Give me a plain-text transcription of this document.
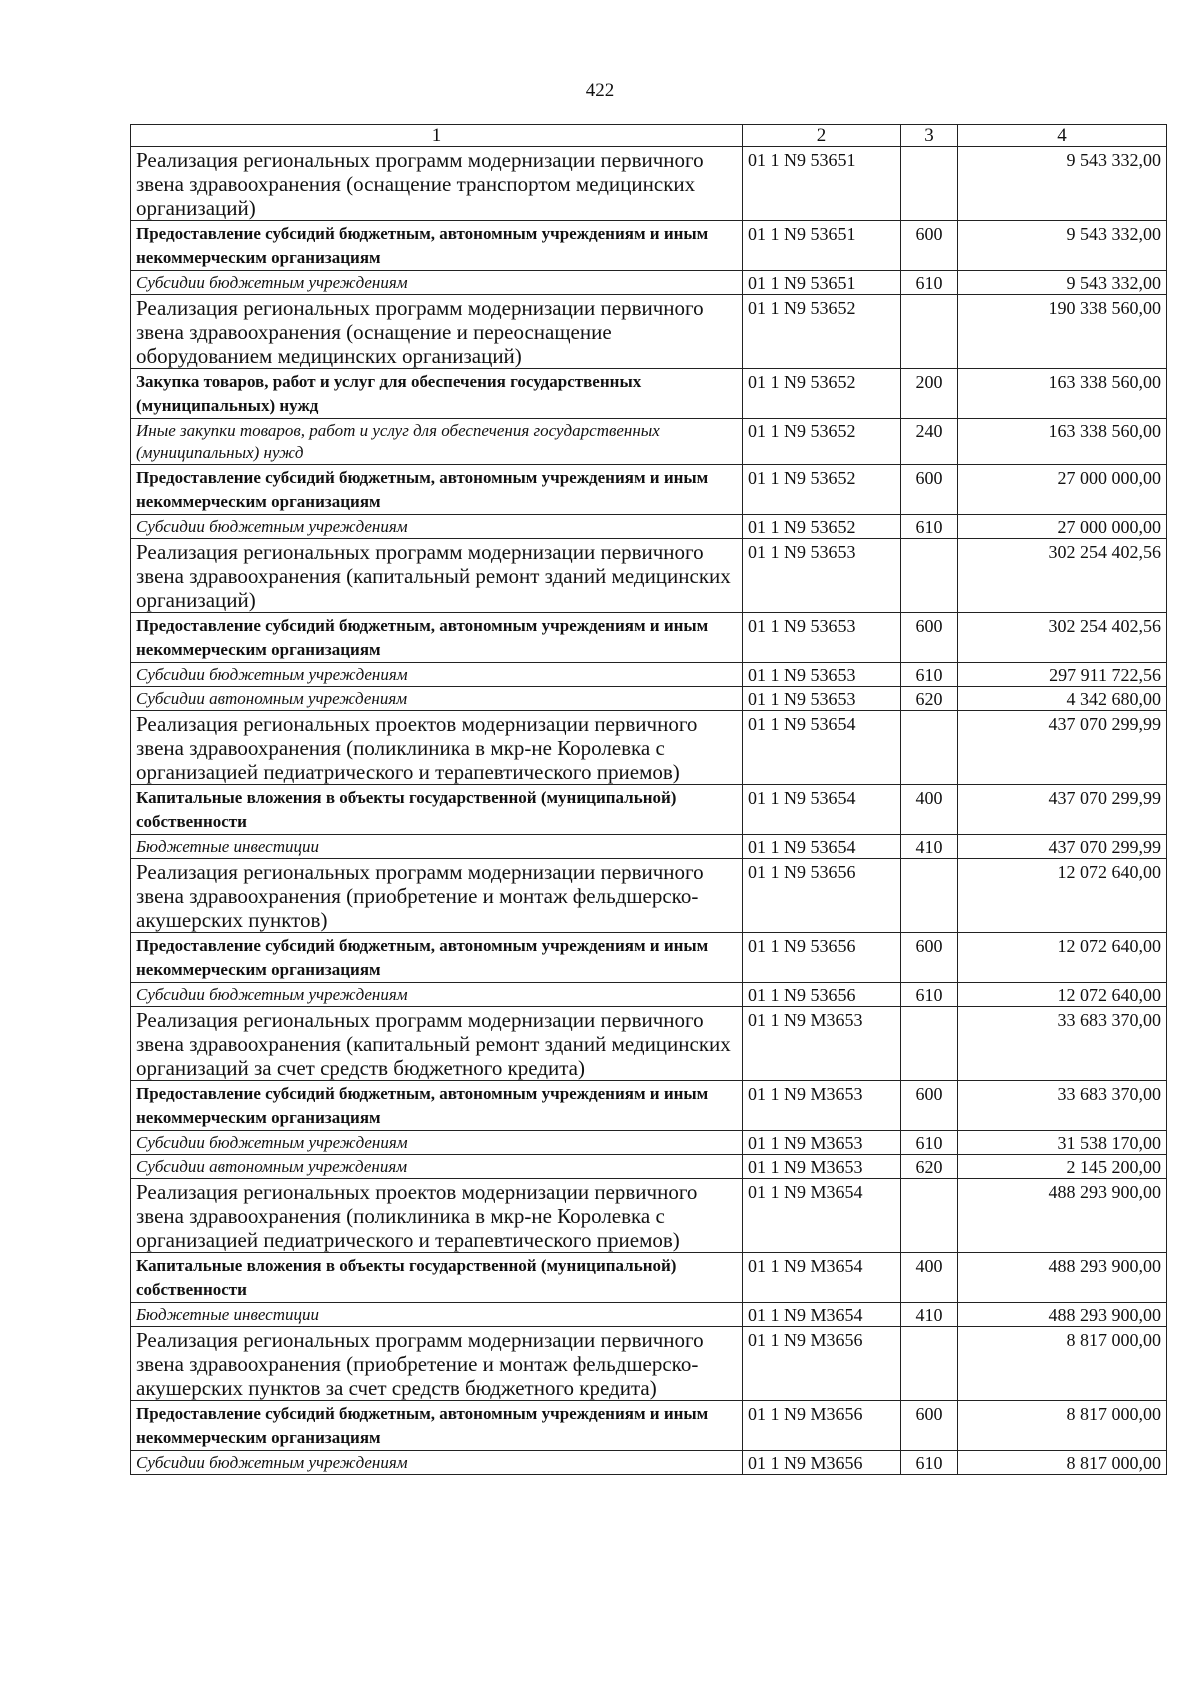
422
1	2	3	4
Реализация региональных программ модернизации первичного звена здравоохранения (оснащение транспортом медицинских организаций)	01 1 N9 53651		9 543 332,00
Предоставление субсидий бюджетным, автономным учреждениям и иным некоммерческим организациям	01 1 N9 53651	600	9 543 332,00
Субсидии бюджетным учреждениям	01 1 N9 53651	610	9 543 332,00
Реализация региональных программ модернизации первичного звена здравоохранения (оснащение и переоснащение оборудованием медицинских организаций)	01 1 N9 53652		190 338 560,00
Закупка товаров, работ и услуг для обеспечения государственных (муниципальных) нужд	01 1 N9 53652	200	163 338 560,00
Иные закупки товаров, работ и услуг для обеспечения государственных (муниципальных) нужд	01 1 N9 53652	240	163 338 560,00
Предоставление субсидий бюджетным, автономным учреждениям и иным некоммерческим организациям	01 1 N9 53652	600	27 000 000,00
Субсидии бюджетным учреждениям	01 1 N9 53652	610	27 000 000,00
Реализация региональных программ модернизации первичного звена здравоохранения (капитальный ремонт зданий медицинских организаций)	01 1 N9 53653		302 254 402,56
Предоставление субсидий бюджетным, автономным учреждениям и иным некоммерческим организациям	01 1 N9 53653	600	302 254 402,56
Субсидии бюджетным учреждениям	01 1 N9 53653	610	297 911 722,56
Субсидии автономным учреждениям	01 1 N9 53653	620	4 342 680,00
Реализация региональных проектов модернизации первичного звена здравоохранения (поликлиника в мкр-не Королевка с организацией педиатрического и терапевтического приемов)	01 1 N9 53654		437 070 299,99
Капитальные вложения в объекты государственной (муниципальной) собственности	01 1 N9 53654	400	437 070 299,99
Бюджетные инвестиции	01 1 N9 53654	410	437 070 299,99
Реализация региональных программ модернизации первичного звена здравоохранения (приобретение и монтаж фельдшерско-акушерских пунктов)	01 1 N9 53656		12 072 640,00
Предоставление субсидий бюджетным, автономным учреждениям и иным некоммерческим организациям	01 1 N9 53656	600	12 072 640,00
Субсидии бюджетным учреждениям	01 1 N9 53656	610	12 072 640,00
Реализация региональных программ модернизации первичного звена здравоохранения (капитальный ремонт зданий медицинских организаций за счет средств бюджетного кредита)	01 1 N9 M3653		33 683 370,00
Предоставление субсидий бюджетным, автономным учреждениям и иным некоммерческим организациям	01 1 N9 M3653	600	33 683 370,00
Субсидии бюджетным учреждениям	01 1 N9 M3653	610	31 538 170,00
Субсидии автономным учреждениям	01 1 N9 M3653	620	2 145 200,00
Реализация региональных проектов модернизации первичного звена здравоохранения (поликлиника в мкр-не Королевка с организацией педиатрического и терапевтического приемов)	01 1 N9 M3654		488 293 900,00
Капитальные вложения в объекты государственной (муниципальной) собственности	01 1 N9 M3654	400	488 293 900,00
Бюджетные инвестиции	01 1 N9 M3654	410	488 293 900,00
Реализация региональных программ модернизации первичного звена здравоохранения (приобретение и монтаж фельдшерско-акушерских пунктов за счет средств бюджетного кредита)	01 1 N9 M3656		8 817 000,00
Предоставление субсидий бюджетным, автономным учреждениям и иным некоммерческим организациям	01 1 N9 M3656	600	8 817 000,00
Субсидии бюджетным учреждениям	01 1 N9 M3656	610	8 817 000,00
